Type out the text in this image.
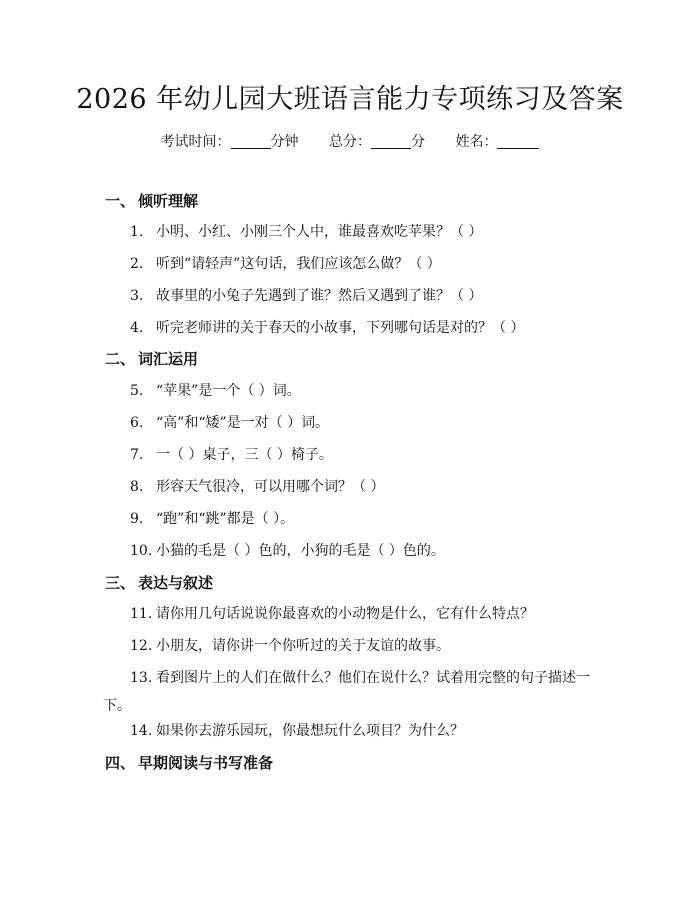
2026 年幼儿园大班语言能力专项练习及答案
考试时间：	分钟 总分：	分 姓名：
一、 倾听理解
1. 小明、小红、小刚三个人中，谁最喜欢吃苹果？（ ）
2. 听到“请轻声”这句话，我们应该怎么做？（ ）
3. 故事里的小兔子先遇到了谁？然后又遇到了谁？（ ）
4. 听完老师讲的关于春天的小故事，下列哪句话是对的？（ ）
二、 词汇运用
5. “苹果”是一个（ ）词。
6. “高”和“矮”是一对（ ）词。
7. 一（ ）桌子，三（ ）椅子。
8. 形容天气很冷，可以用哪个词？（ ）
9. “跑”和“跳”都是（ ）。
10. 小猫的毛是（ ）色的，小狗的毛是（ ）色的。
三、 表达与叙述
11. 请你用几句话说说你最喜欢的小动物是什么，它有什么特点？
12. 小朋友，请你讲一个你听过的关于友谊的故事。
13. 看到图片上的人们在做什么？他们在说什么？试着用完整的句子描述一
下。
14. 如果你去游乐园玩，你最想玩什么项目？为什么？
四、 早期阅读与书写准备
